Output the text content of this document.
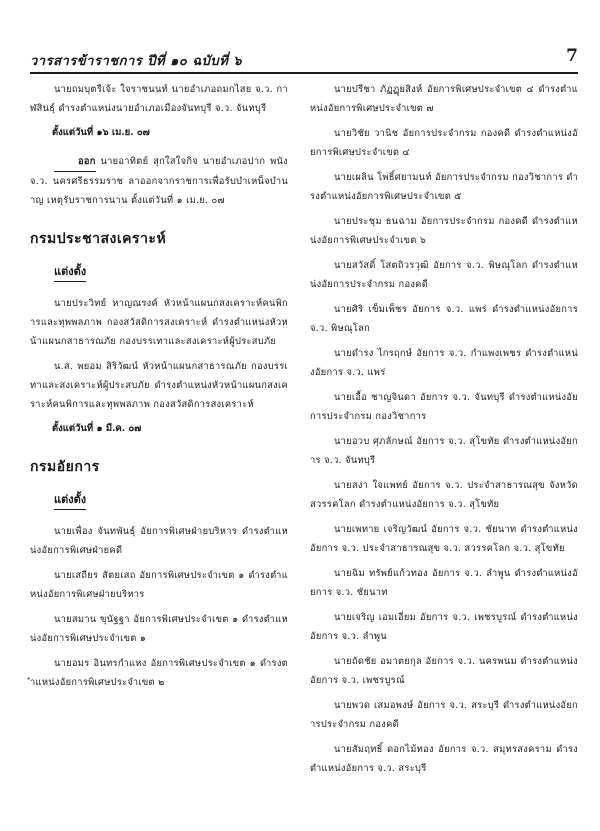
วารสารข้าราชการ ปีที่ ๑๐ ฉบับที่ ๖	7

นายถมบุตรีเจ้ะ ใจราชนนท์ นายอำเภอถมกไสย จ.ว. กาฬสินธุ์ ดำรงตำแหน่งนายอำเภอเมืองจันทบุรี จ.ว. จันทบุรี

ตั้งแต่วันที่ ๑๖ เม.ย. ๐๗

ออก นายอาทิตย์ สุกใสใจกิจ นายอำเภอปาก พนัง จ.ว. นครศรีธรรมราช ลาออกจากราชการเพื่อรับบำเหน็จบำนาญ เหตุรับราชการนาน ตั้งแต่วันที่ ๑ เม.ย. ๐๗

กรมประชาสงเคราะห์
แต่งตั้ง

นายประวิทย์ หาญณรงค์ หัวหน้าแผนกสงเคราะห์คนพิการและทุพพลภาพ กองสวัสดิการสงเคราะห์ ดำรงตำแหน่งหัวหน้าแผนกสาธารณภัย กองบรรเทาและสงเคราะห์ผู้ประสบภัย

น.ส. พยอม สิริวัฒน์ หัวหน้าแผนกสาธารณภัย กองบรรเทาและสงเคราะห์ผู้ประสบภัย ดำรงตำแหน่งหัวหน้าแผนกสงเคราะห์คนพิการและทุพพลภาพ กองสวัสดิการสงเคราะห์

ตั้งแต่วันที่ ๑ มี.ค. ๐๗
กรมอัยการ
แต่งตั้ง

นายเพื่อง จันทพันธุ์ อัยการพิเศษฝ่ายบริหาร ดำรงตำแหน่งอัยการพิเศษฝ่ายคดี

นายเสถียร สัตยเสถ อัยการพิเศษประจำเขต ๑ ดำรงตำแหน่งอัยการพิเศษฝ่ายบริหาร

นายสมาน ขุนัฐฐา อัยการพิเศษประจำเขต ๑ ดำรงตำแหน่งอัยการพิเศษประจำเขต ๑

นายอมร อินทรกำแหง อัยการพิเศษประจำเขต ๑ ดำรงตำแหน่งอัยการพิเศษประจำเขต ๒

นายปรีชา ภัฏฏุยสิงห์ อัยการพิเศษประจำเขต ๔ ดำรงตำแหน่งอัยการพิเศษประจำเขต ๗

นายวิชัย วานิช อัยการประจำกรม กองคดี ดำรงตำแหน่งอัยการพิเศษประจำเขต ๔

นายเผลิน โพธิ์ศยามนท์ อัยการประจำกรม กองวิชาการ ดำรงตำแหน่งอัยการพิเศษประจำเขต ๕

นายประชุม ธนฉาม อัยการประจำกรม กองคดี ดำรงตำแหน่งอัยการพิเศษประจำเขต ๖

นายสวัสดิ์ โสตถิวรวุฒิ อัยการ จ.ว. พิษณุโลก ดำรงตำแหน่งอัยการประจำกรม กองคดี

นายศิริ เข็มเพ็ชร อัยการ จ.ว. แพร่ ดำรงตำแหน่งอัยการ จ.ว. พิษณุโลก

นายดำรง ไกรฤกษ์ อัยการ จ.ว. กำแพงเพชร ดำรงตำแหน่งอัยการ จ.ว. แพร่

นายเอื้อ ชาญจินดา อัยการ จ.ว. จันทบุรี ดำรงตำแหน่งอัยการประจำกรม กองวิชาการ

นายอวบ ศุภลักษณ์ อัยการ จ.ว. สุโขทัย ดำรงตำแหน่งอัยการ จ.ว. จันทบุรี

นายสง่า ใจแพทย์ อัยการ จ.ว. ประจำสาธารณสุข จังหวัดสวรรคโลก ดำรงตำแหน่งอัยการ จ.ว. สุโขทัย

นายเพทาย เจริญวัฒน์ อัยการ จ.ว. ชัยนาท ดำรงตำแหน่งอัยการ จ.ว. ประจำสาธารณสุข จ.ว. สวรรคโลก จ.ว. สุโขทัย

นายฉิม ทรัพย์แก้วทอง อัยการ จ.ว. ลำพูน ดำรงตำแหน่งอัยการ จ.ว. ชัยนาท

นายเจริญ เอมเอี่ยม อัยการ จ.ว. เพชรบูรณ์ ดำรงตำแหน่งอัยการ จ.ว. ลำพูน

นายถัดชัย อมาตยกุล อัยการ จ.ว. นครพนม ดำรงตำแหน่งอัยการ จ.ว. เพชรบูรณ์

นายพวด เสมอพงษ์ อัยการ จ.ว. สระบุรี ดำรงตำแหน่งอัยการประจำกรม กองคดี

นายสัมฤทธิ์ ดอกไม้ทอง อัยการ จ.ว. สมุทรสงคราม ดำรงตำแหน่งอัยการ จ.ว. สระบุรี
